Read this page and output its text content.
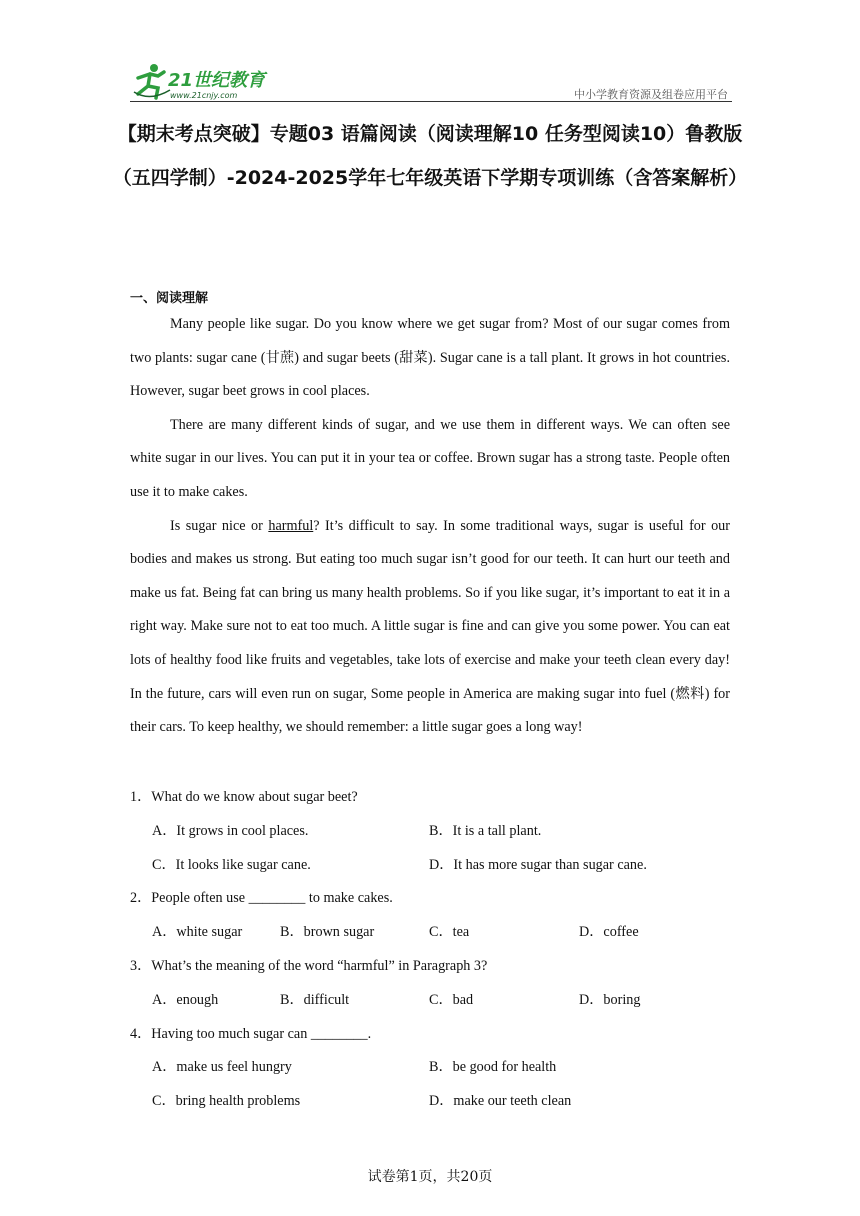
21世纪教育
www.21cnjy.com	中小学教育资源及组卷应用平台
【期末考点突破】专题03 语篇阅读（阅读理解10 任务型阅读10）鲁教版（五四学制）-2024-2025学年七年级英语下学期专项训练（含答案解析）
一、阅读理解

Many people like sugar. Do you know where we get sugar from? Most of our sugar comes from two plants: sugar cane (甘蔗) and sugar beets (甜菜). Sugar cane is a tall plant. It grows in hot countries. However, sugar beet grows in cool places.

There are many different kinds of sugar, and we use them in different ways. We can often see white sugar in our lives. You can put it in your tea or coffee. Brown sugar has a strong taste. People often use it to make cakes.

Is sugar nice or harmful? It’s difficult to say. In some traditional ways, sugar is useful for our bodies and makes us strong. But eating too much sugar isn’t good for our teeth. It can hurt our teeth and make us fat. Being fat can bring us many health problems. So if you like sugar, it’s important to eat it in a right way. Make sure not to eat too much. A little sugar is fine and can give you some power. You can eat lots of healthy food like fruits and vegetables, take lots of exercise and make your teeth clean every day! In the future, cars will even run on sugar, Some people in America are making sugar into fuel (燃料) for their cars. To keep healthy, we should remember: a little sugar goes a long way!

1．What do we know about sugar beet?
A．It grows in cool places.	B．It is a tall plant.
C．It looks like sugar cane.	D．It has more sugar than sugar cane.
2．People often use ________ to make cakes.
A．white sugar	B．brown sugar	C．tea	D．coffee
3．What’s the meaning of the word “harmful” in Paragraph 3?
A．enough	B．difficult	C．bad	D．boring
4．Having too much sugar can ________.
A．make us feel hungry	B．be good for health
C．bring health problems	D．make our teeth clean
试卷第1页，共20页
